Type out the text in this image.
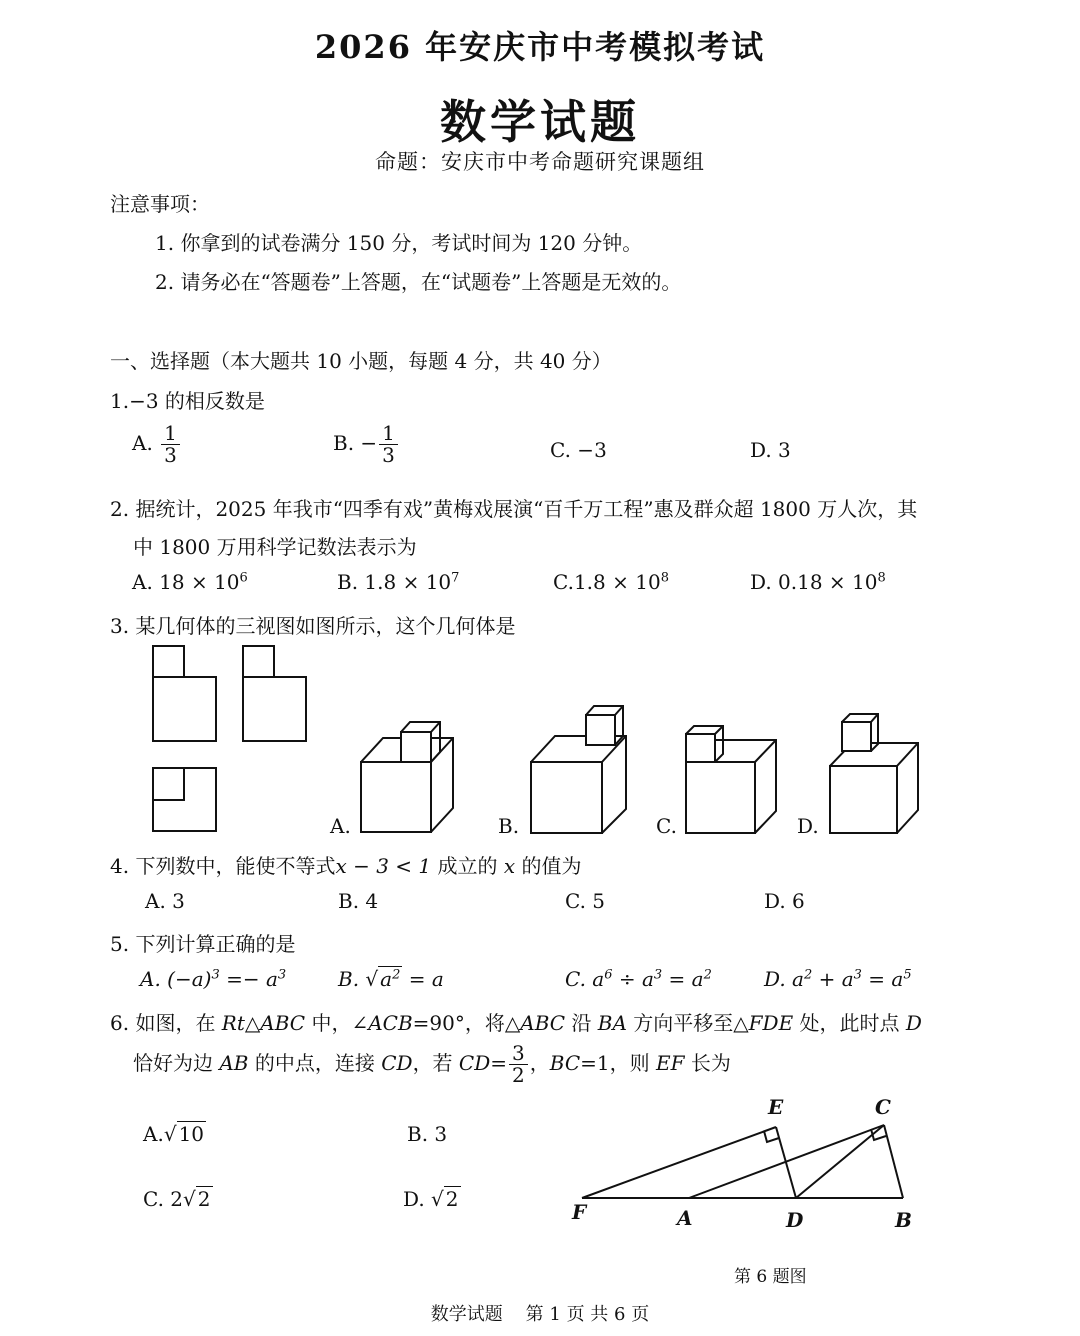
2026 年安庆市中考模拟考试
数学试题
命题：安庆市中考命题研究课题组
注意事项：
1. 你拿到的试卷满分 150 分，考试时间为 120 分钟。
2. 请务必在“答题卷”上答题，在“试题卷”上答题是无效的。
一、选择题（本大题共 10 小题，每题 4 分，共 40 分）
1.−3 的相反数是
A. $\frac{1}{3}$	B. − $\frac{1}{3}$	C. −3	D. 3
2. 据统计，2025 年我市“四季有戏”黄梅戏展演“百千万工程”惠及群众超 1800 万人次，其
中 1800 万用科学记数法表示为
A. $18 \times 10^6$	B. $1.8 \times 10^7$	$C.1.8 \times 10^8$	D. $0.18 \times 10^8$
3. 某几何体的三视图如图所示，这个几何体是
A.	B.	C.	D.
4. 下列数中，能使不等式x − 3 < 1 成立的 x 的值为
A. 3	B. 4	C. 5	D. 6
5. 下列计算正确的是
A. $(-a)^3 =- a^3$	B. √ $a^2 = a$	C. $a^6 \div a^3 = a^2$	D. $a^2 + a^3 = a^5$
6. 如图，在 Rt△ABC 中，∠ACB=90°，将△ABC 沿 BA 方向平移至△FDE 处，此时点 D
恰好为边 AB 的中点，连接 CD，若 $CD= \frac{3}{2}$ ，BC=1，则 EF 长为
A.√ 10	B. 3
C. 2√ 2	D. √ 2
E	C
F	A	D	B
第 6 题图
数学试题    第 1 页 共 6 页
